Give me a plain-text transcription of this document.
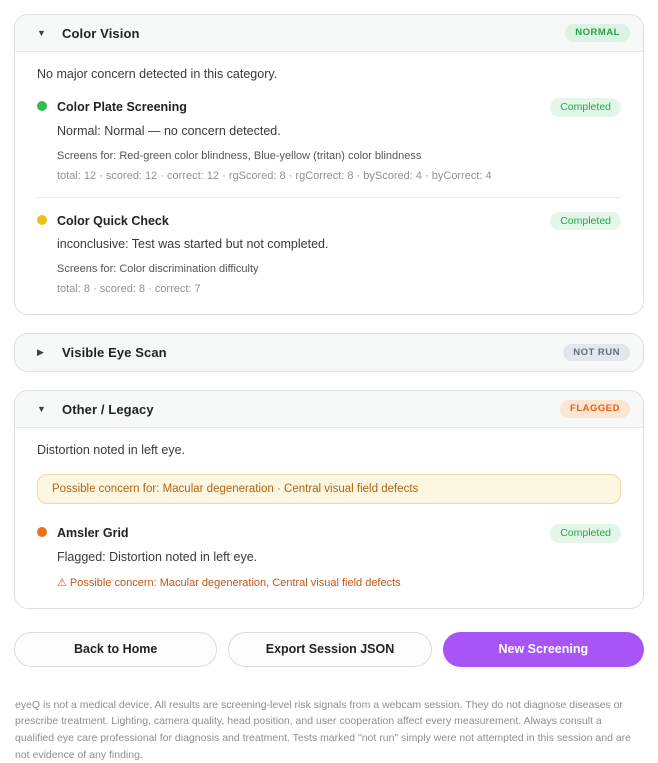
▼ Color Vision	NORMAL

No major concern detected in this category.

Color Plate Screening	Completed

Normal: Normal — no concern detected.

Screens for: Red-green color blindness, Blue-yellow (tritan) color blindness

total: 12 · scored: 12 · correct: 12 · rgScored: 8 · rgCorrect: 8 · byScored: 4 · byCorrect: 4

Color Quick Check	Completed

inconclusive: Test was started but not completed.

Screens for: Color discrimination difficulty

total: 8 · scored: 8 · correct: 7

▶	Visible Eye Scan	NOT RUN
▼ Other / Legacy	FLAGGED

Distortion noted in left eye.

Possible concern for: Macular degeneration · Central visual field defects
Amsler Grid	Completed

Flagged: Distortion noted in left eye.

⚠ Possible concern: Macular degeneration, Central visual field defects

Back to Home	Export Session JSON	New Screening

eyeQ is not a medical device. All results are screening-level risk signals from a webcam session. They do not diagnose diseases or prescribe treatment. Lighting, camera quality, head position, and user cooperation affect every measurement. Always consult a qualified eye care professional for diagnosis and treatment. Tests marked "not run" simply were not attempted in this session and are not evidence of any finding.
